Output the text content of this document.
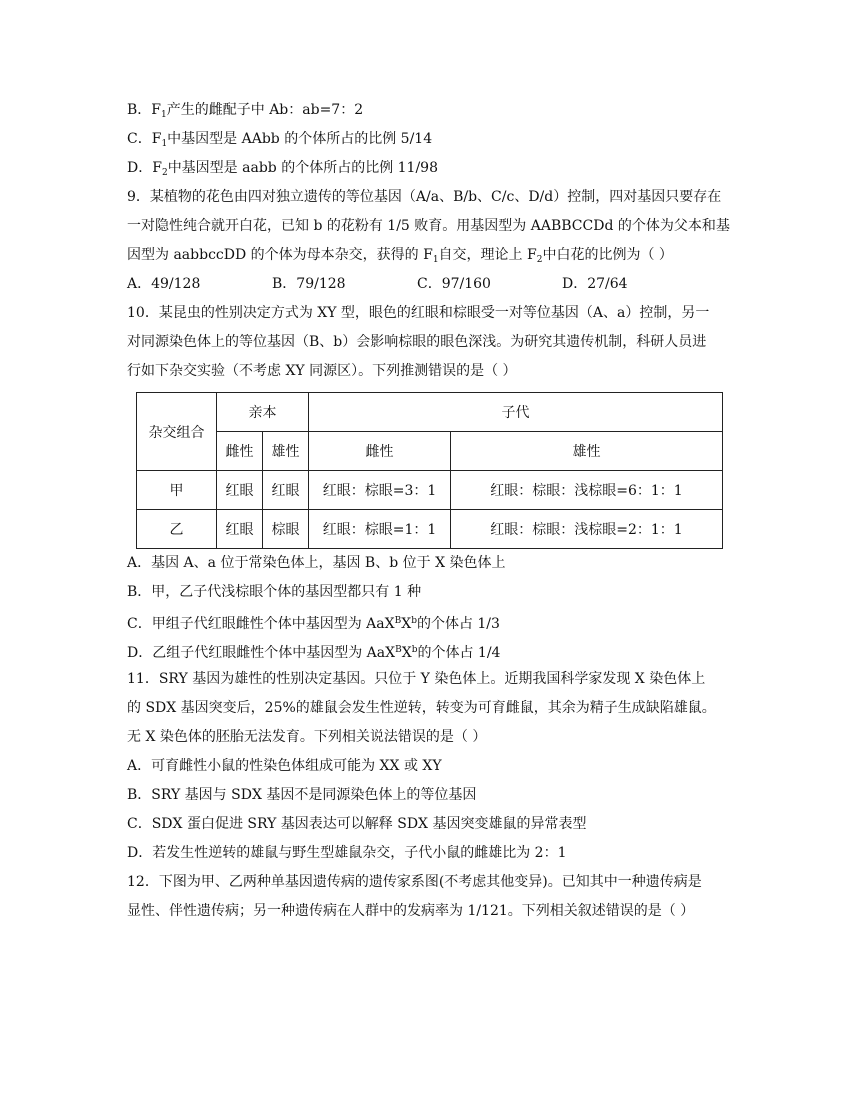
B．$F_1$产生的雌配子中 Ab：ab=7：2
C．$F_1$中基因型是 AAbb 的个体所占的比例 5/14
D．$F_2$中基因型是 aabb 的个体所占的比例 11/98
9．某植物的花色由四对独立遗传的等位基因（A/a、B/b、C/c、D/d）控制，四对基因只要存在
一对隐性纯合就开白花，已知 b 的花粉有 1/5 败育。用基因型为 AABBCCDd 的个体为父本和基
因型为 aabbccDD 的个体为母本杂交，获得的 $F_1$自交，理论上 $F_2$中白花的比例为（ ）
A．49/128	B．79/128	C．97/160	D．27/64
10．某昆虫的性别决定方式为 XY 型，眼色的红眼和棕眼受一对等位基因（A、a）控制，另一
对同源染色体上的等位基因（B、b）会影响棕眼的眼色深浅。为研究其遗传机制，科研人员进
行如下杂交实验（不考虑 XY 同源区）。下列推测错误的是（ ）
杂交组合	亲本		子代	
	雌性	雄性	雌性	雄性
甲	红眼	红眼	红眼：棕眼=3：1	红眼：棕眼：浅棕眼=6：1：1
乙	红眼	棕眼	红眼：棕眼=1：1	红眼：棕眼：浅棕眼=2：1：1
A．基因 A、a 位于常染色体上，基因 B、b 位于 X 染色体上
B．甲，乙子代浅棕眼个体的基因型都只有 1 种
C．甲组子代红眼雌性个体中基因型为 $AaX^BX^b$的个体占 1/3
D．乙组子代红眼雌性个体中基因型为 $AaX^BX^b$的个体占 1/4
11．SRY 基因为雄性的性别决定基因。只位于 Y 染色体上。近期我国科学家发现 X 染色体上
的 SDX 基因突变后，25%的雄鼠会发生性逆转，转变为可育雌鼠，其余为精子生成缺陷雄鼠。
无 X 染色体的胚胎无法发育。下列相关说法错误的是（ ）
A．可育雌性小鼠的性染色体组成可能为 XX 或 XY
B．SRY 基因与 SDX 基因不是同源染色体上的等位基因
C．SDX 蛋白促进 SRY 基因表达可以解释 SDX 基因突变雄鼠的异常表型
D．若发生性逆转的雄鼠与野生型雄鼠杂交，子代小鼠的雌雄比为 2：1
12．下图为甲、乙两种单基因遗传病的遗传家系图(不考虑其他变异)。已知其中一种遗传病是
显性、伴性遗传病；另一种遗传病在人群中的发病率为 1/121。下列相关叙述错误的是（ ）
